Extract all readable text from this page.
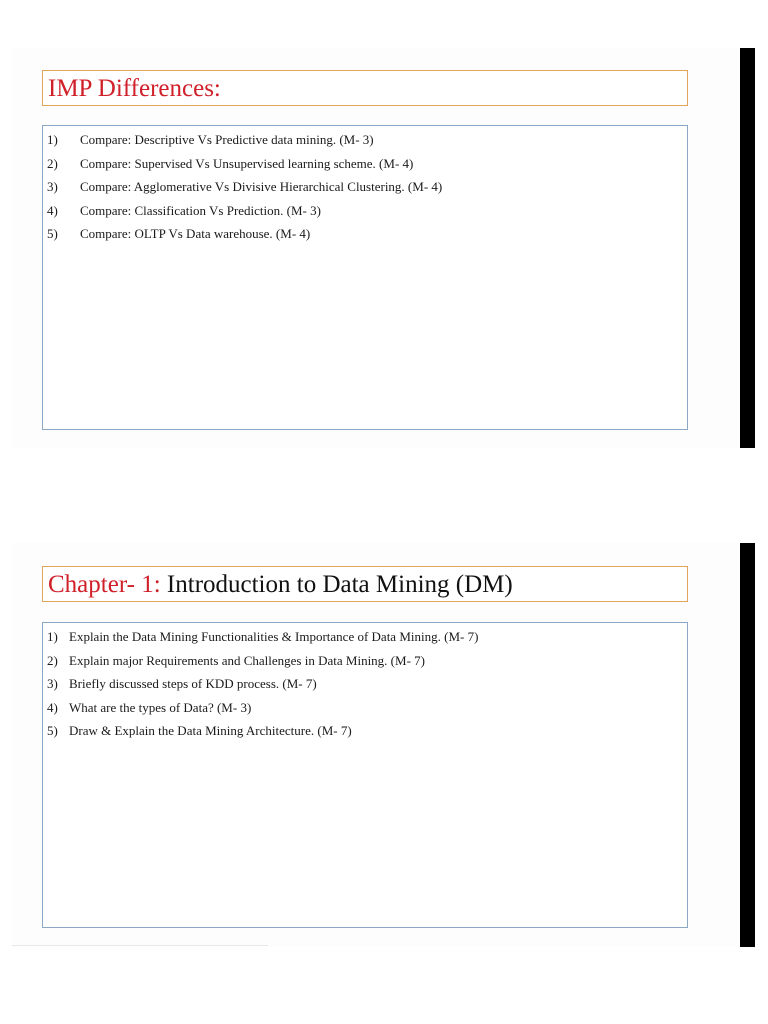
IMP Differences:
1)	Compare: Descriptive Vs Predictive data mining. (M- 3)
2)	Compare: Supervised Vs Unsupervised learning scheme. (M- 4)
3)	Compare: Agglomerative Vs Divisive Hierarchical Clustering. (M- 4)
4)	Compare: Classification Vs Prediction. (M- 3)
5)	Compare: OLTP Vs Data warehouse. (M- 4)
Chapter- 1: Introduction to Data Mining (DM)
1) Explain the Data Mining Functionalities & Importance of Data Mining. (M- 7)
2) Explain major Requirements and Challenges in Data Mining. (M- 7)
3) Briefly discussed steps of KDD process. (M- 7)
4) What are the types of Data? (M- 3)
5) Draw & Explain the Data Mining Architecture. (M- 7)
